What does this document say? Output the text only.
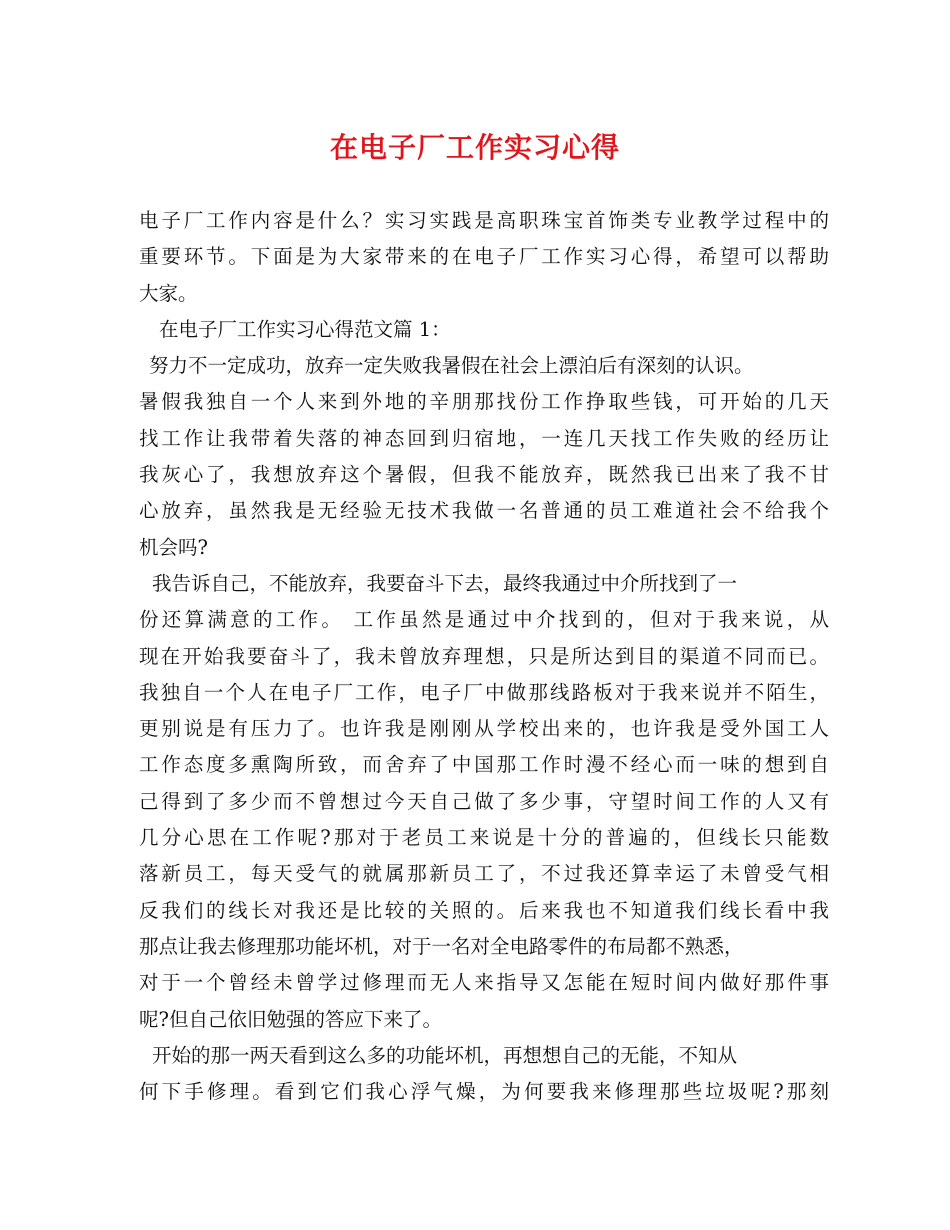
在电子厂工作实习心得
电子厂工作内容是什么？实习实践是高职珠宝首饰类专业教学过程中的
重要环节。下面是为大家带来的在电子厂工作实习心得，希望可以帮助
大家。
在电子厂工作实习心得范文篇 1：
努力不一定成功，放弃一定失败我暑假在社会上漂泊后有深刻的认识。
暑假我独自一个人来到外地的辛朋那找份工作挣取些钱，可开始的几天
找工作让我带着失落的神态回到归宿地，一连几天找工作失败的经历让
我灰心了，我想放弃这个暑假，但我不能放弃，既然我已出来了我不甘
心放弃，虽然我是无经验无技术我做一名普通的员工难道社会不给我个
机会吗?
我告诉自己，不能放弃，我要奋斗下去，最终我通过中介所找到了一
份还算满意的工作。 工作虽然是通过中介找到的，但对于我来说，从
现在开始我要奋斗了，我未曾放弃理想，只是所达到目的渠道不同而已。
我独自一个人在电子厂工作，电子厂中做那线路板对于我来说并不陌生，
更别说是有压力了。也许我是刚刚从学校出来的，也许我是受外国工人
工作态度多熏陶所致，而舍弃了中国那工作时漫不经心而一味的想到自
己得到了多少而不曾想过今天自己做了多少事，守望时间工作的人又有
几分心思在工作呢?那对于老员工来说是十分的普遍的，但线长只能数
落新员工，每天受气的就属那新员工了，不过我还算幸运了未曾受气相
反我们的线长对我还是比较的关照的。后来我也不知道我们线长看中我
那点让我去修理那功能坏机，对于一名对全电路零件的布局都不熟悉，
对于一个曾经未曾学过修理而无人来指导又怎能在短时间内做好那件事
呢?但自己依旧勉强的答应下来了。
开始的那一两天看到这么多的功能坏机，再想想自己的无能，不知从
何下手修理。看到它们我心浮气燥，为何要我来修理那些垃圾呢?那刻
